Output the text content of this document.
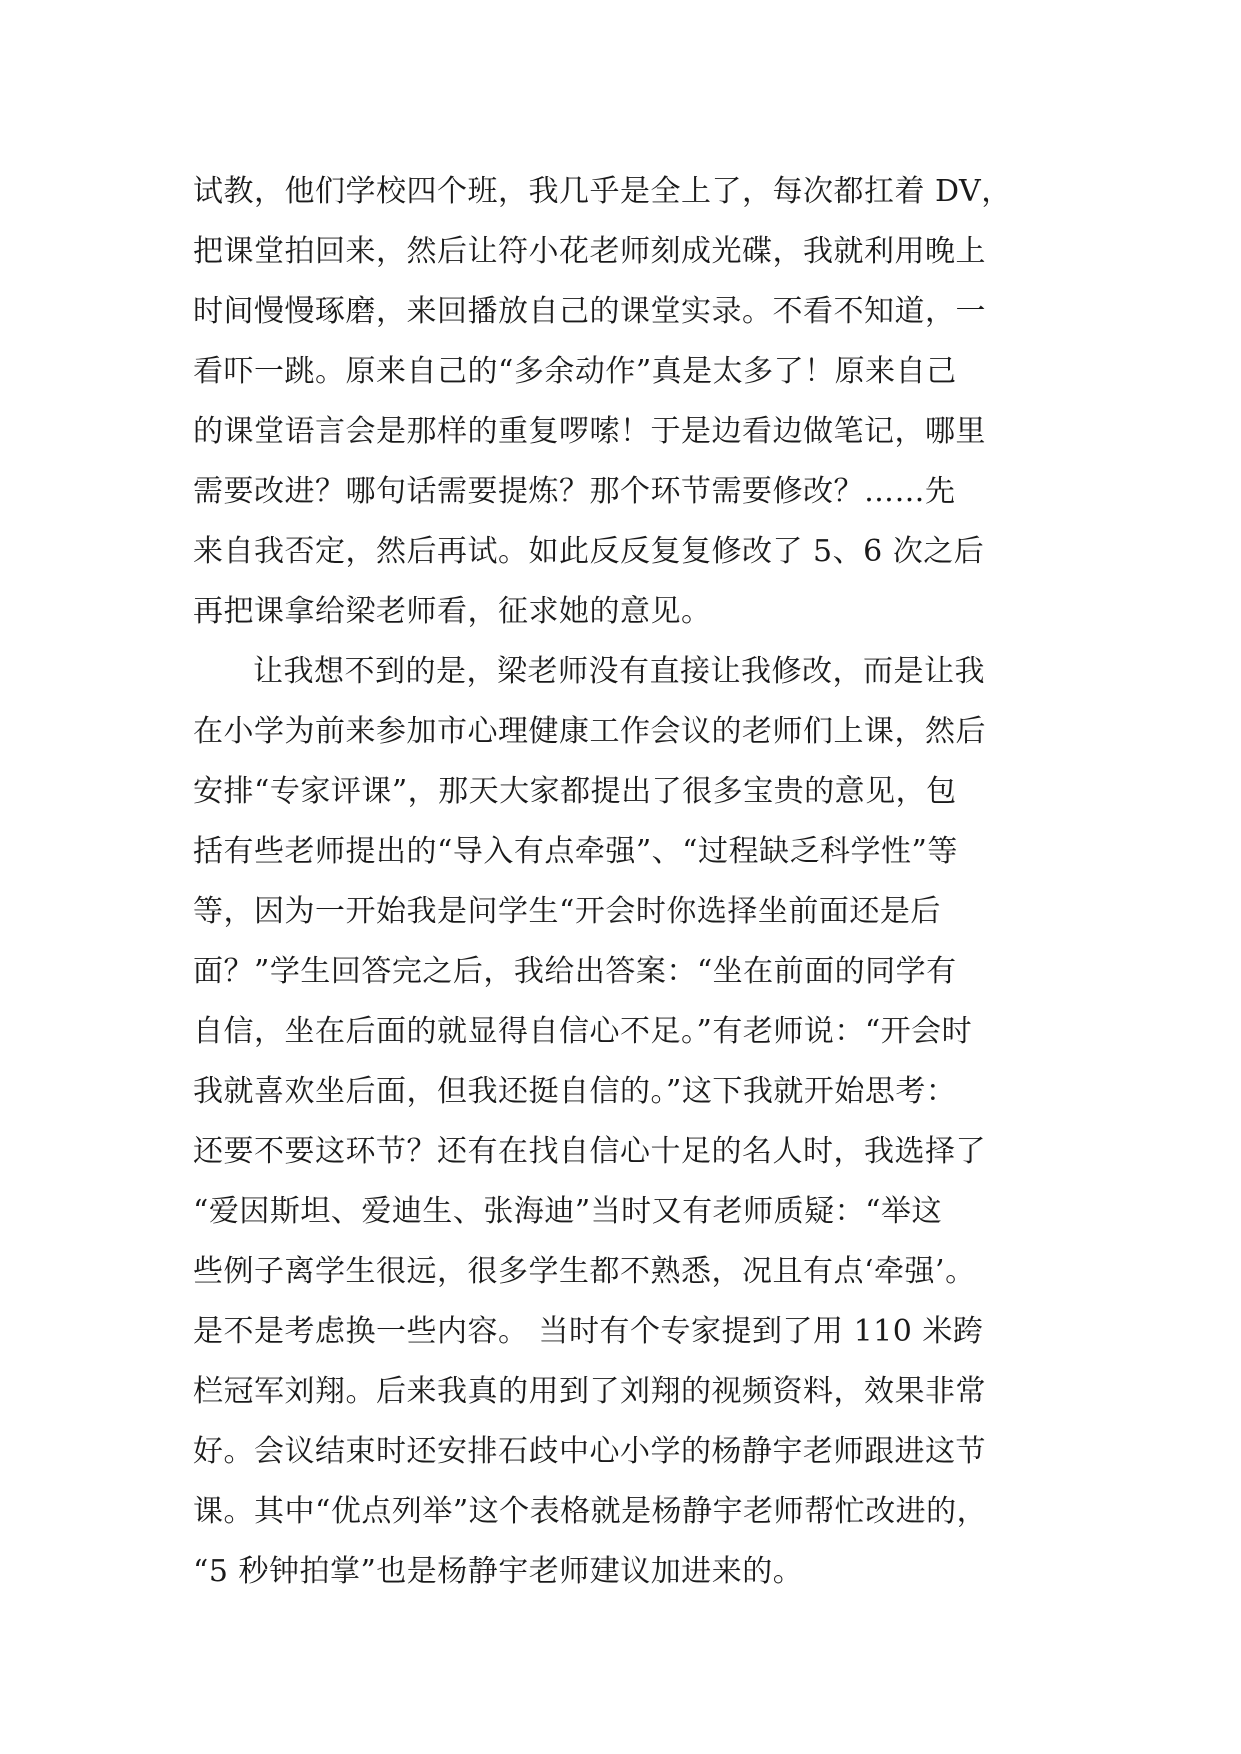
试教，他们学校四个班，我几乎是全上了，每次都扛着 DV，
把课堂拍回来，然后让符小花老师刻成光碟，我就利用晚上
时间慢慢琢磨，来回播放自己的课堂实录。不看不知道，一
看吓一跳。原来自己的“多余动作”真是太多了！原来自己
的课堂语言会是那样的重复啰嗦！于是边看边做笔记，哪里
需要改进？哪句话需要提炼？那个环节需要修改？……先
来自我否定，然后再试。如此反反复复修改了 5、6 次之后
再把课拿给梁老师看，征求她的意见。
让我想不到的是，梁老师没有直接让我修改，而是让我
在小学为前来参加市心理健康工作会议的老师们上课，然后
安排“专家评课”，那天大家都提出了很多宝贵的意见，包
括有些老师提出的“导入有点牵强”、“过程缺乏科学性”等
等，因为一开始我是问学生“开会时你选择坐前面还是后
面？”学生回答完之后，我给出答案：“坐在前面的同学有
自信，坐在后面的就显得自信心不足。”有老师说：“开会时
我就喜欢坐后面，但我还挺自信的。”这下我就开始思考：
还要不要这环节？还有在找自信心十足的名人时，我选择了
“爱因斯坦、爱迪生、张海迪”当时又有老师质疑：“举这
些例子离学生很远，很多学生都不熟悉，况且有点‘牵强’。
是不是考虑换一些内容。 当时有个专家提到了用 110 米跨
栏冠军刘翔。后来我真的用到了刘翔的视频资料，效果非常
好。会议结束时还安排石歧中心小学的杨静宇老师跟进这节
课。其中“优点列举”这个表格就是杨静宇老师帮忙改进的，
“5 秒钟拍掌”也是杨静宇老师建议加进来的。
